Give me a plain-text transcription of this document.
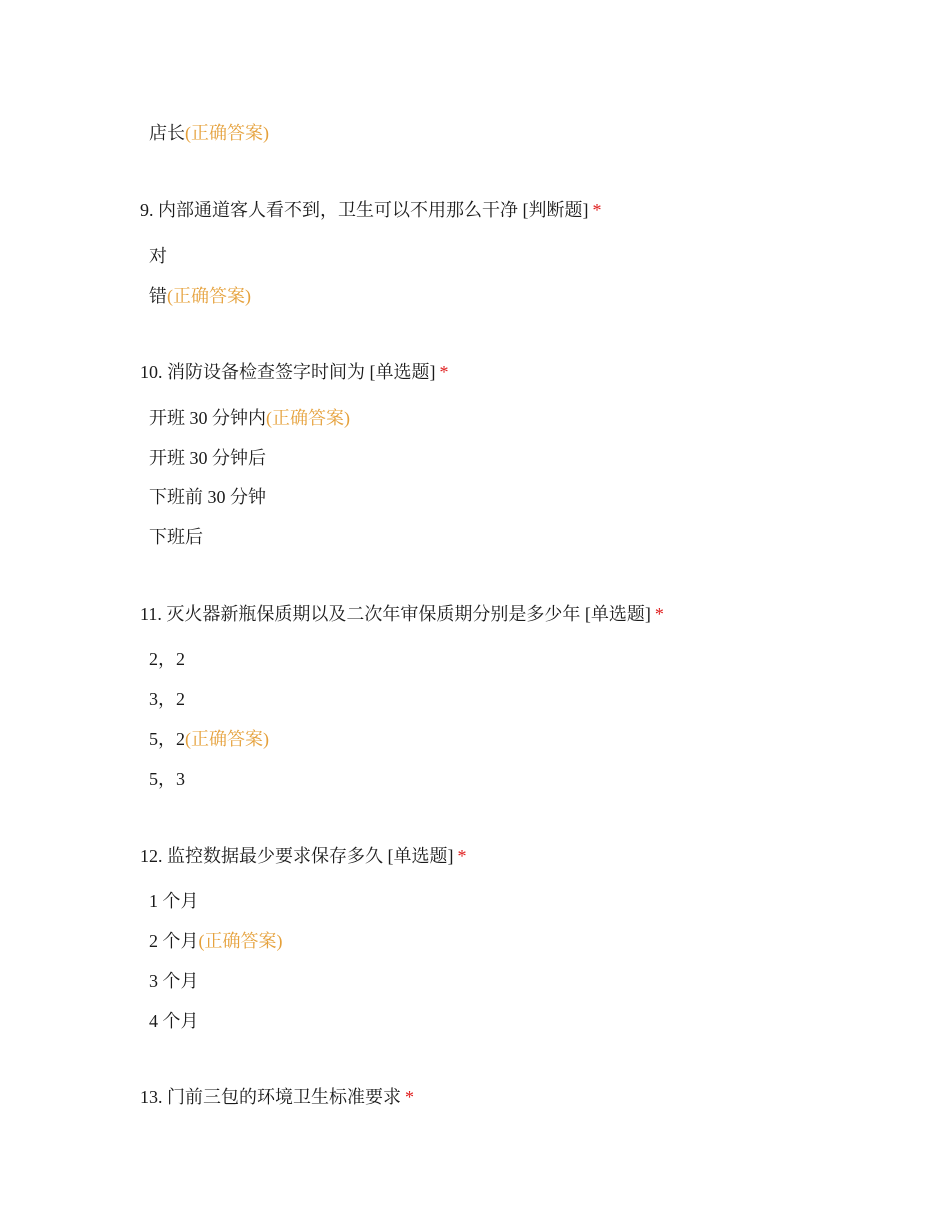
店长(正确答案)
9. 内部通道客人看不到，卫生可以不用那么干净 [判断题] *
对
错(正确答案)
10. 消防设备检查签字时间为 [单选题] *
开班 30 分钟内(正确答案)
开班 30 分钟后
下班前 30 分钟
下班后
11. 灭火器新瓶保质期以及二次年审保质期分别是多少年 [单选题] *
2，2
3，2
5，2(正确答案)
5，3
12. 监控数据最少要求保存多久 [单选题] *
1 个月
2 个月(正确答案)
3 个月
4 个月
13. 门前三包的环境卫生标准要求 *
